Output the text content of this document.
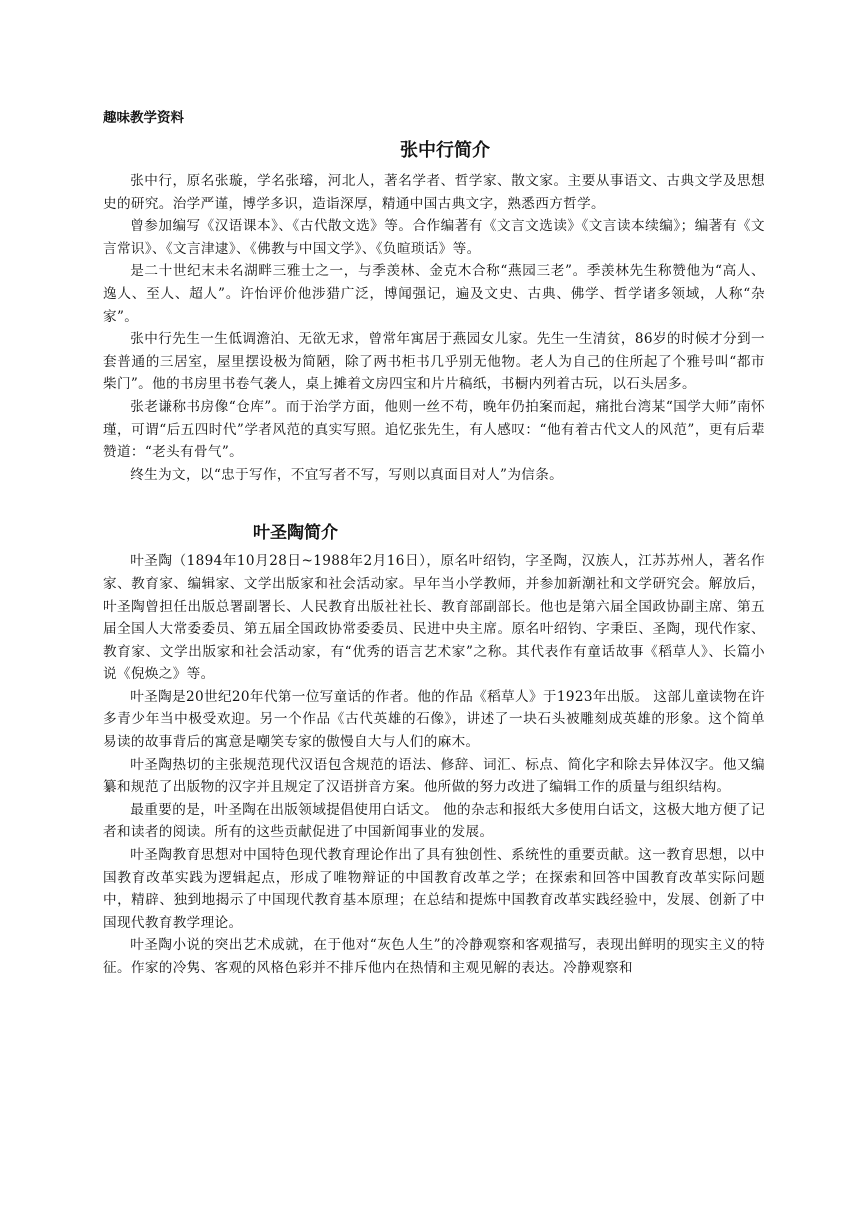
趣味教学资料

张中行简介

张中行，原名张璇，学名张璿，河北人，著名学者、哲学家、散文家。主要从事语文、古典文学及思想史的研究。治学严谨，博学多识，造诣深厚，精通中国古典文字，熟悉西方哲学。

曾参加编写《汉语课本》、《古代散文选》等。合作编著有《文言文选读》《文言读本续编》；编著有《文言常识》、《文言津逮》、《佛教与中国文学》、《负暄琐话》等。

是二十世纪末未名湖畔三雅士之一，与季羡林、金克木合称“燕园三老”。季羡林先生称赞他为“高人、逸人、至人、超人”。许怡评价他涉猎广泛，博闻强记，遍及文史、古典、佛学、哲学诸多领域，人称“杂家”。

张中行先生一生低调澹泊、无欲无求，曾常年寓居于燕园女儿家。先生一生清贫，86岁的时候才分到一套普通的三居室，屋里摆设极为简陋，除了两书柜书几乎别无他物。老人为自己的住所起了个雅号叫“都市柴门”。他的书房里书卷气袭人，桌上摊着文房四宝和片片稿纸，书橱内列着古玩，以石头居多。

张老谦称书房像“仓库”。而于治学方面，他则一丝不苟，晚年仍拍案而起，痛批台湾某“国学大师”南怀瑾，可谓“后五四时代”学者风范的真实写照。追忆张先生，有人感叹：“他有着古代文人的风范”，更有后辈赞道：“老头有骨气”。

终生为文，以“忠于写作，不宜写者不写，写则以真面目对人”为信条。

叶圣陶简介

叶圣陶（1894年10月28日~1988年2月16日），原名叶绍钧，字圣陶，汉族人，江苏苏州人，著名作家、教育家、编辑家、文学出版家和社会活动家。早年当小学教师，并参加新潮社和文学研究会。解放后，叶圣陶曾担任出版总署副署长、人民教育出版社社长、教育部副部长。他也是第六届全国政协副主席、第五届全国人大常委委员、第五届全国政协常委委员、民进中央主席。原名叶绍钧、字秉臣、圣陶，现代作家、教育家、文学出版家和社会活动家，有“优秀的语言艺术家”之称。其代表作有童话故事《稻草人》、长篇小说《倪焕之》等。

叶圣陶是20世纪20年代第一位写童话的作者。他的作品《稻草人》于1923年出版。 这部儿童读物在许多青少年当中极受欢迎。另一个作品《古代英雄的石像》，讲述了一块石头被雕刻成英雄的形象。这个简单易读的故事背后的寓意是嘲笑专家的傲慢自大与人们的麻木。

叶圣陶热切的主张规范现代汉语包含规范的语法、修辞、词汇、标点、简化字和除去异体汉字。他又编纂和规范了出版物的汉字并且规定了汉语拼音方案。他所做的努力改进了编辑工作的质量与组织结构。

最重要的是，叶圣陶在出版领域提倡使用白话文。 他的杂志和报纸大多使用白话文，这极大地方便了记者和读者的阅读。所有的这些贡献促进了中国新闻事业的发展。

叶圣陶教育思想对中国特色现代教育理论作出了具有独创性、系统性的重要贡献。这一教育思想，以中国教育改革实践为逻辑起点，形成了唯物辩证的中国教育改革之学；在探索和回答中国教育改革实际问题中，精辟、独到地揭示了中国现代教育基本原理；在总结和提炼中国教育改革实践经验中，发展、创新了中国现代教育教学理论。

叶圣陶小说的突出艺术成就，在于他对“灰色人生”的冷静观察和客观描写，表现出鲜明的现实主义的特征。作家的冷隽、客观的风格色彩并不排斥他内在热情和主观见解的表达。冷静观察和
